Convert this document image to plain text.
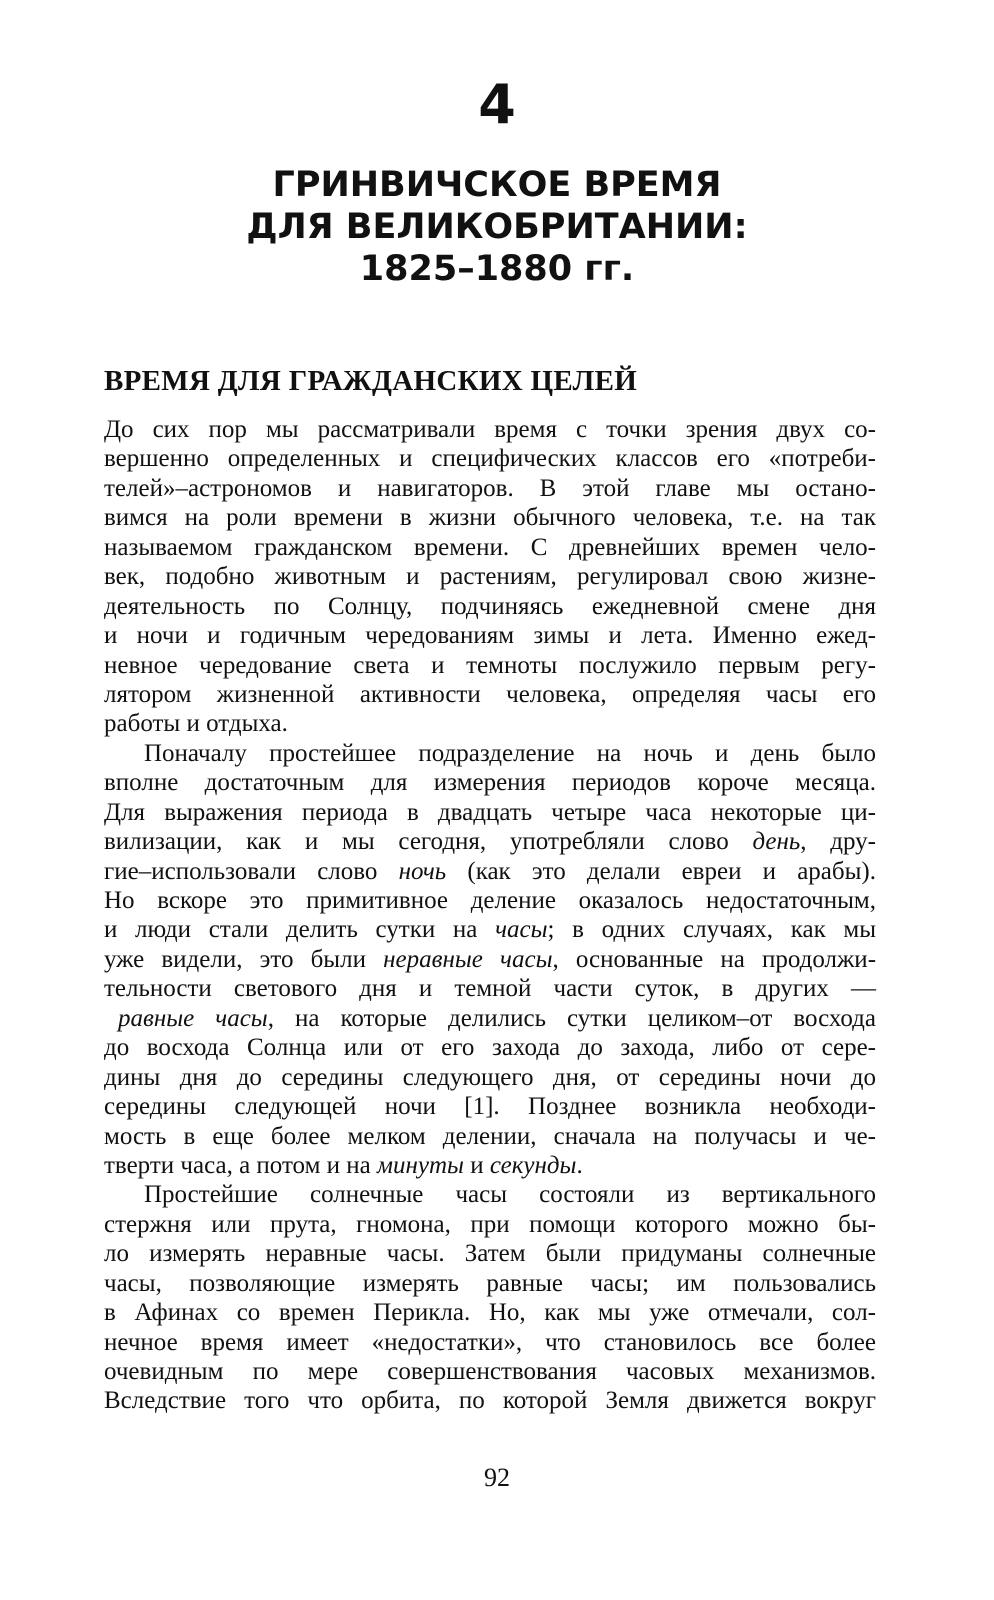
4
ГРИНВИЧСКОЕ ВРЕМЯ
ДЛЯ ВЕЛИКОБРИТАНИИ:
1825–1880 гг.
ВРЕМЯ ДЛЯ ГРАЖДАНСКИХ ЦЕЛЕЙ
До сих пор мы рассматривали время с точки зрения двух со-
вершенно определенных и специфических классов его «потреби-
телей»–астрономов и навигаторов. В этой главе мы остано-
вимся на роли времени в жизни обычного человека, т.е. на так
называемом гражданском времени. С древнейших времен чело-
век, подобно животным и растениям, регулировал свою жизне-
деятельность по Солнцу, подчиняясь ежедневной смене дня
и ночи и годичным чередованиям зимы и лета. Именно ежед-
невное чередование света и темноты послужило первым регу-
лятором жизненной активности человека, определяя часы его
работы и отдыха.
Поначалу простейшее подразделение на ночь и день было
вполне достаточным для измерения периодов короче месяца.
Для выражения периода в двадцать четыре часа некоторые ци-
вилизации, как и мы сегодня, употребляли слово день, дру-
гие–использовали слово ночь (как это делали евреи и арабы).
Но вскоре это примитивное деление оказалось недостаточным,
и люди стали делить сутки на часы; в одних случаях, как мы
уже видели, это были неравные часы, основанные на продолжи-
тельности светового дня и темной части суток, в других —
равные часы, на которые делились сутки целиком–от восхода
до восхода Солнца или от его захода до захода, либо от сере-
дины дня до середины следующего дня, от середины ночи до
середины следующей ночи [1]. Позднее возникла необходи-
мость в еще более мелком делении, сначала на получасы и че-
тверти часа, а потом и на минуты и секунды.
Простейшие солнечные часы состояли из вертикального
стержня или прута, гномона, при помощи которого можно бы-
ло измерять неравные часы. Затем были придуманы солнечные
часы, позволяющие измерять равные часы; им пользовались
в Афинах со времен Перикла. Но, как мы уже отмечали, сол-
нечное время имеет «недостатки», что становилось все более
очевидным по мере совершенствования часовых механизмов.
Вследствие того что орбита, по которой Земля движется вокруг
92
